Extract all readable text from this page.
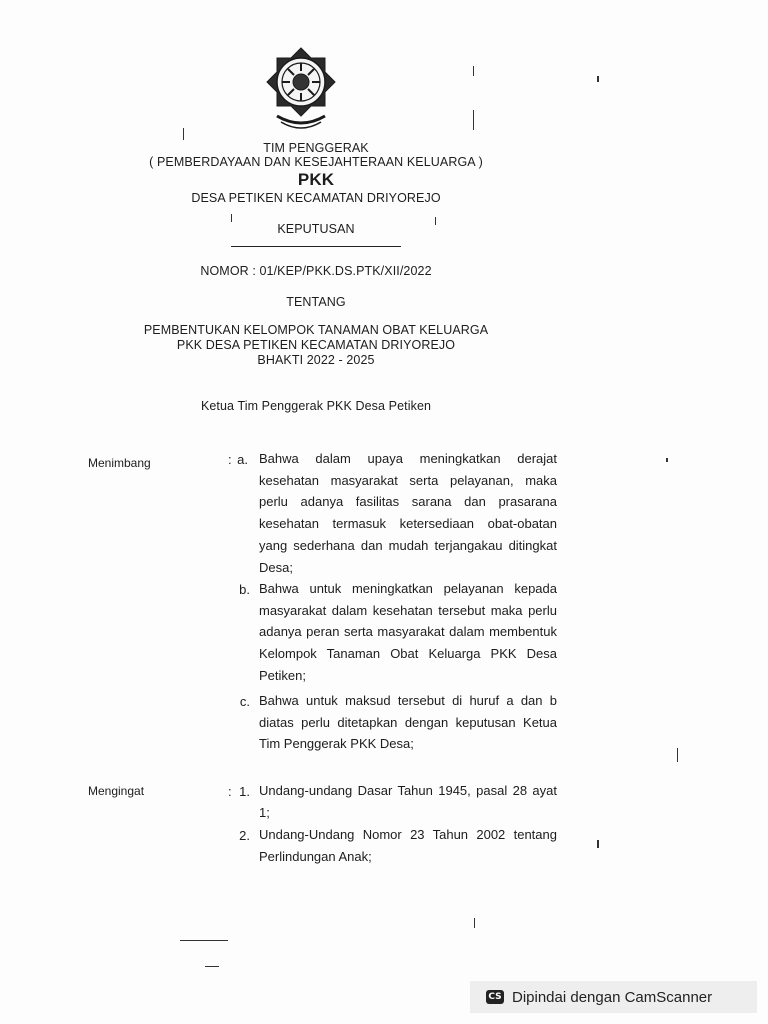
TIM PENGGERAK
( PEMBERDAYAAN DAN KESEJAHTERAAN KELUARGA )
PKK
DESA PETIKEN KECAMATAN DRIYOREJO
KEPUTUSAN
NOMOR : 01/KEP/PKK.DS.PTK/XII/2022
TENTANG
PEMBENTUKAN KELOMPOK TANAMAN OBAT KELUARGA
PKK DESA PETIKEN KECAMATAN DRIYOREJO
BHAKTI 2022 - 2025
Ketua Tim Penggerak PKK Desa Petiken
Menimbang	: a. Bahwa dalam upaya meningkatkan derajat kesehatan masyarakat serta pelayanan, maka perlu adanya fasilitas sarana dan prasarana kesehatan termasuk ketersediaan obat-obatan yang sederhana dan mudah terjangakau ditingkat Desa;
b. Bahwa untuk meningkatkan pelayanan kepada masyarakat dalam kesehatan tersebut maka perlu adanya peran serta masyarakat dalam membentuk Kelompok Tanaman Obat Keluarga PKK Desa Petiken;
c. Bahwa untuk maksud tersebut di huruf a dan b diatas perlu ditetapkan dengan keputusan Ketua Tim Penggerak PKK Desa;
Mengingat	: 1. Undang-undang Dasar Tahun 1945, pasal 28 ayat 1;
2. Undang-Undang Nomor 23 Tahun 2002 tentang Perlindungan Anak;
CS Dipindai dengan CamScanner
